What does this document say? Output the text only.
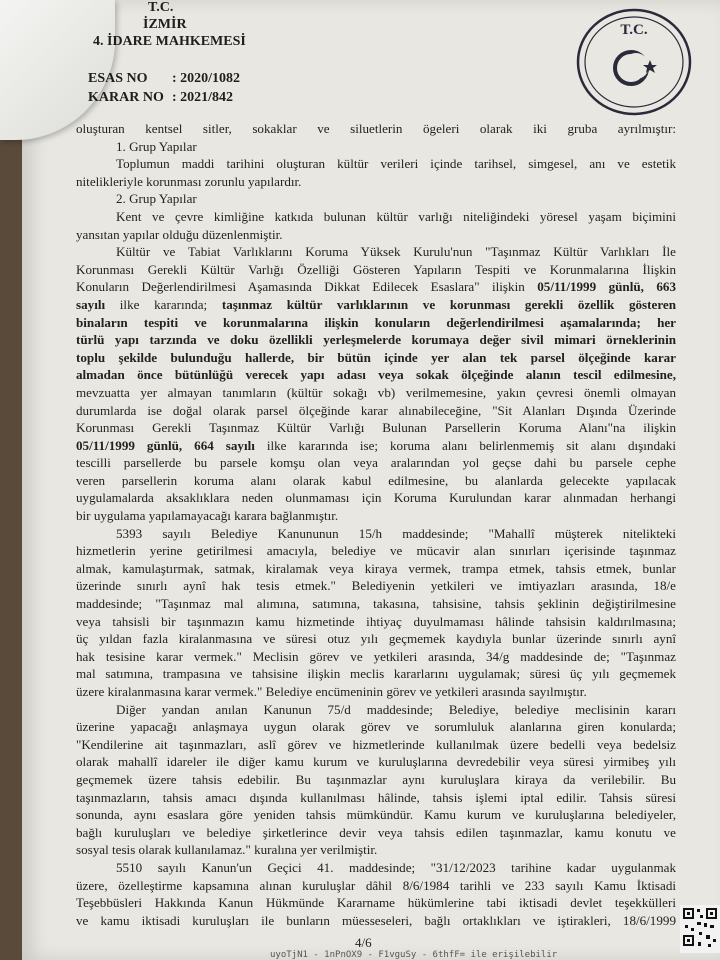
T.C.
İZMİR
4. İDARE MAHKEMESİ
ESAS NO : 2020/1082
KARAR NO : 2021/842
T.C.
oluşturan kentsel sitler, sokaklar ve siluetlerin ögeleri olarak iki gruba ayrılmıştır:
1. Grup Yapılar
Toplumun maddi tarihini oluşturan kültür verileri içinde tarihsel, simgesel, anı ve estetik
nitelikleriyle korunması zorunlu yapılardır.
2. Grup Yapılar
Kent ve çevre kimliğine katkıda bulunan kültür varlığı niteliğindeki yöresel yaşam biçimini
yansıtan yapılar olduğu düzenlenmiştir.
Kültür ve Tabiat Varlıklarını Koruma Yüksek Kurulu'nun "Taşınmaz Kültür Varlıkları İle
Korunması Gerekli Kültür Varlığı Özelliği Gösteren Yapıların Tespiti ve Korunmalarına İlişkin
Konuların Değerlendirilmesi Aşamasında Dikkat Edilecek Esaslara" ilişkin 05/11/1999 günlü, 663
sayılı ilke kararında; taşınmaz kültür varlıklarının ve korunması gerekli özellik gösteren
binaların tespiti ve korunmalarına ilişkin konuların değerlendirilmesi aşamalarında; her
türlü yapı tarzında ve doku özellikli yerleşmelerde korumaya değer sivil mimari örneklerinin
toplu şekilde bulunduğu hallerde, bir bütün içinde yer alan tek parsel ölçeğinde karar
almadan önce bütünlüğü verecek yapı adası veya sokak ölçeğinde alanın tescil edilmesine,
mevzuatta yer almayan tanımların (kültür sokağı vb) verilmemesine, yakın çevresi önemli olmayan
durumlarda ise doğal olarak parsel ölçeğinde karar alınabileceğine, "Sit Alanları Dışında Üzerinde
Korunması Gerekli Taşınmaz Kültür Varlığı Bulunan Parsellerin Koruma Alanı"na ilişkin
05/11/1999 günlü, 664 sayılı ilke kararında ise; koruma alanı belirlenmemiş sit alanı dışındaki
tescilli parsellerde bu parsele komşu olan veya aralarından yol geçse dahi bu parsele cephe
veren parsellerin koruma alanı olarak kabul edilmesine, bu alanlarda gelecekte yapılacak
uygulamalarda aksaklıklara neden olunmaması için Koruma Kurulundan karar alınmadan herhangi
bir uygulama yapılamayacağı karara bağlanmıştır.
5393 sayılı Belediye Kanununun 15/h maddesinde; "Mahallî müşterek nitelikteki
hizmetlerin yerine getirilmesi amacıyla, belediye ve mücavir alan sınırları içerisinde taşınmaz
almak, kamulaştırmak, satmak, kiralamak veya kiraya vermek, trampa etmek, tahsis etmek, bunlar
üzerinde sınırlı aynî hak tesis etmek." Belediyenin yetkileri ve imtiyazları arasında, 18/e
maddesinde; "Taşınmaz mal alımına, satımına, takasına, tahsisine, tahsis şeklinin değiştirilmesine
veya tahsisli bir taşınmazın kamu hizmetinde ihtiyaç duyulmaması hâlinde tahsisin kaldırılmasına;
üç yıldan fazla kiralanmasına ve süresi otuz yılı geçmemek kaydıyla bunlar üzerinde sınırlı aynî
hak tesisine karar vermek." Meclisin görev ve yetkileri arasında, 34/g maddesinde de; "Taşınmaz
mal satımına, trampasına ve tahsisine ilişkin meclis kararlarını uygulamak; süresi üç yılı geçmemek
üzere kiralanmasına karar vermek." Belediye encümeninin görev ve yetkileri arasında sayılmıştır.
Diğer yandan anılan Kanunun 75/d maddesinde; Belediye, belediye meclisinin kararı
üzerine yapacağı anlaşmaya uygun olarak görev ve sorumluluk alanlarına giren konularda;
"Kendilerine ait taşınmazları, aslî görev ve hizmetlerinde kullanılmak üzere bedelli veya bedelsiz
olarak mahallî idareler ile diğer kamu kurum ve kuruluşlarına devredebilir veya süresi yirmibeş yılı
geçmemek üzere tahsis edebilir. Bu taşınmazlar aynı kuruluşlara kiraya da verilebilir. Bu
taşınmazların, tahsis amacı dışında kullanılması hâlinde, tahsis işlemi iptal edilir. Tahsis süresi
sonunda, aynı esaslara göre yeniden tahsis mümkündür. Kamu kurum ve kuruluşlarına belediyeler,
bağlı kuruluşları ve belediye şirketlerince devir veya tahsis edilen taşınmazlar, kamu konutu ve
sosyal tesis olarak kullanılamaz." kuralına yer verilmiştir.
5510 sayılı Kanun'un Geçici 41. maddesinde; "31/12/2023 tarihine kadar uygulanmak
üzere, özelleştirme kapsamına alınan kuruluşlar dâhil 8/6/1984 tarihli ve 233 sayılı Kamu İktisadi
Teşebbüsleri Hakkında Kanun Hükmünde Kararname hükümlerine tabi iktisadi devlet teşekkülleri
ve kamu iktisadi kuruluşları ile bunların müesseseleri, bağlı ortaklıkları ve iştirakleri, 18/6/1999
4/6
uyoTjN1 - 1nPnOX9 - F1vguSy - 6thfF= ile erişilebilir
